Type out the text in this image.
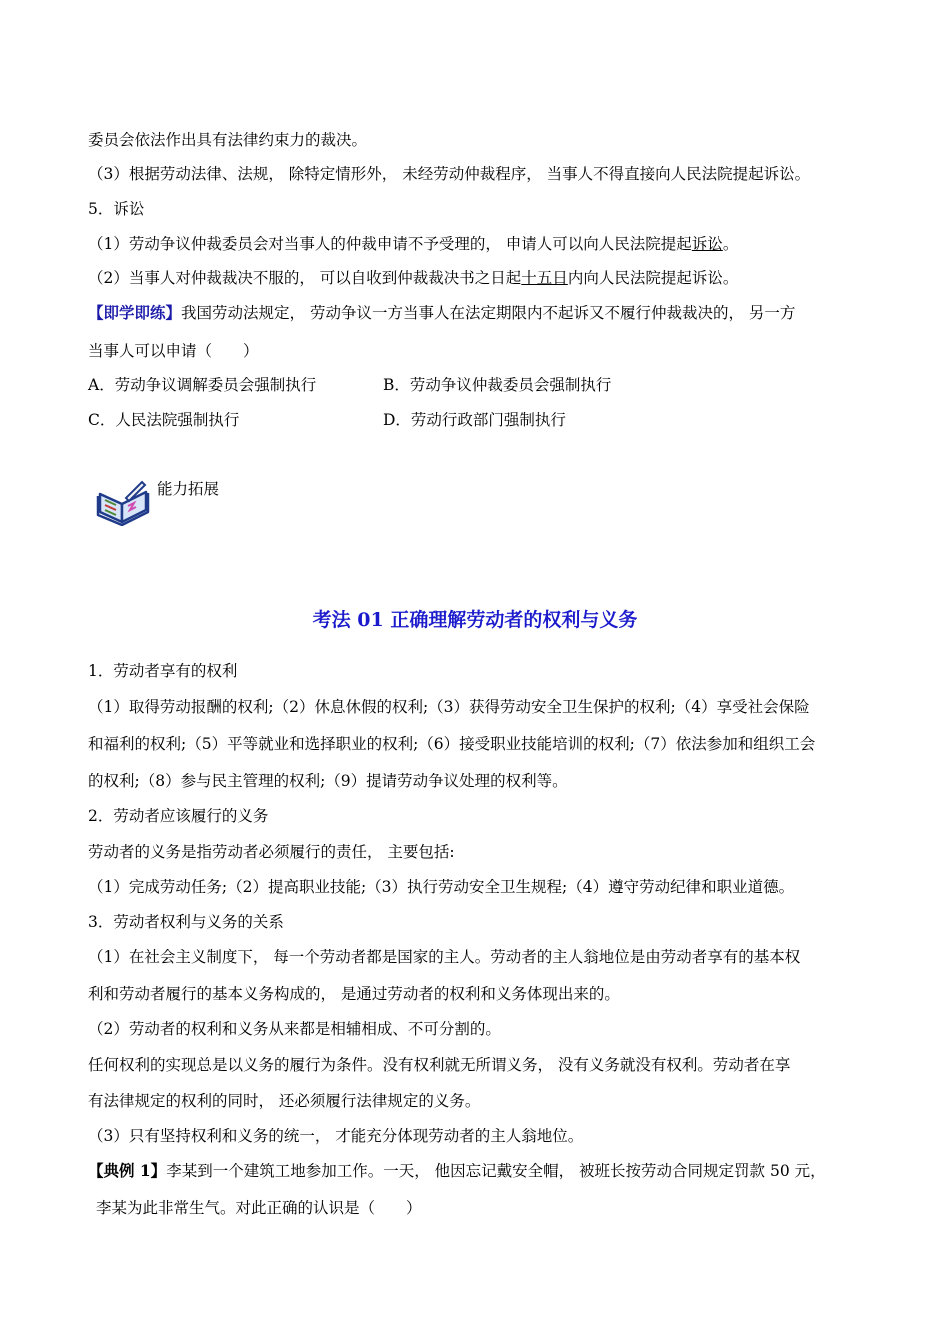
委员会依法作出具有法律约束力的裁决。
（3）根据劳动法律、法规， 除特定情形外， 未经劳动仲裁程序， 当事人不得直接向人民法院提起诉讼。
5．诉讼
（1）劳动争议仲裁委员会对当事人的仲裁申请不予受理的， 申请人可以向人民法院提起诉讼。
（2）当事人对仲裁裁决不服的， 可以自收到仲裁裁决书之日起十五日内向人民法院提起诉讼。
【即学即练】我国劳动法规定， 劳动争议一方当事人在法定期限内不起诉又不履行仲裁裁决的， 另一方
当事人可以申请（　　）
A．劳动争议调解委员会强制执行	B．劳动争议仲裁委员会强制执行
C．人民法院强制执行	D．劳动行政部门强制执行
能力拓展
考法 01 正确理解劳动者的权利与义务
1．劳动者享有的权利
（1）取得劳动报酬的权利;（2）休息休假的权利;（3）获得劳动安全卫生保护的权利;（4）享受社会保险
和福利的权利;（5）平等就业和选择职业的权利;（6）接受职业技能培训的权利;（7）依法参加和组织工会
的权利;（8）参与民主管理的权利;（9）提请劳动争议处理的权利等。
2．劳动者应该履行的义务
劳动者的义务是指劳动者必须履行的责任， 主要包括:
（1）完成劳动任务;（2）提高职业技能;（3）执行劳动安全卫生规程;（4）遵守劳动纪律和职业道德。
3．劳动者权利与义务的关系
（1）在社会主义制度下， 每一个劳动者都是国家的主人。劳动者的主人翁地位是由劳动者享有的基本权
利和劳动者履行的基本义务构成的， 是通过劳动者的权利和义务体现出来的。
（2）劳动者的权利和义务从来都是相辅相成、不可分割的。
任何权利的实现总是以义务的履行为条件。没有权利就无所谓义务， 没有义务就没有权利。劳动者在享
有法律规定的权利的同时， 还必须履行法律规定的义务。
（3）只有坚持权利和义务的统一， 才能充分体现劳动者的主人翁地位。
【典例 1】李某到一个建筑工地参加工作。一天， 他因忘记戴安全帽， 被班长按劳动合同规定罚款 50 元，
李某为此非常生气。对此正确的认识是（　　）
